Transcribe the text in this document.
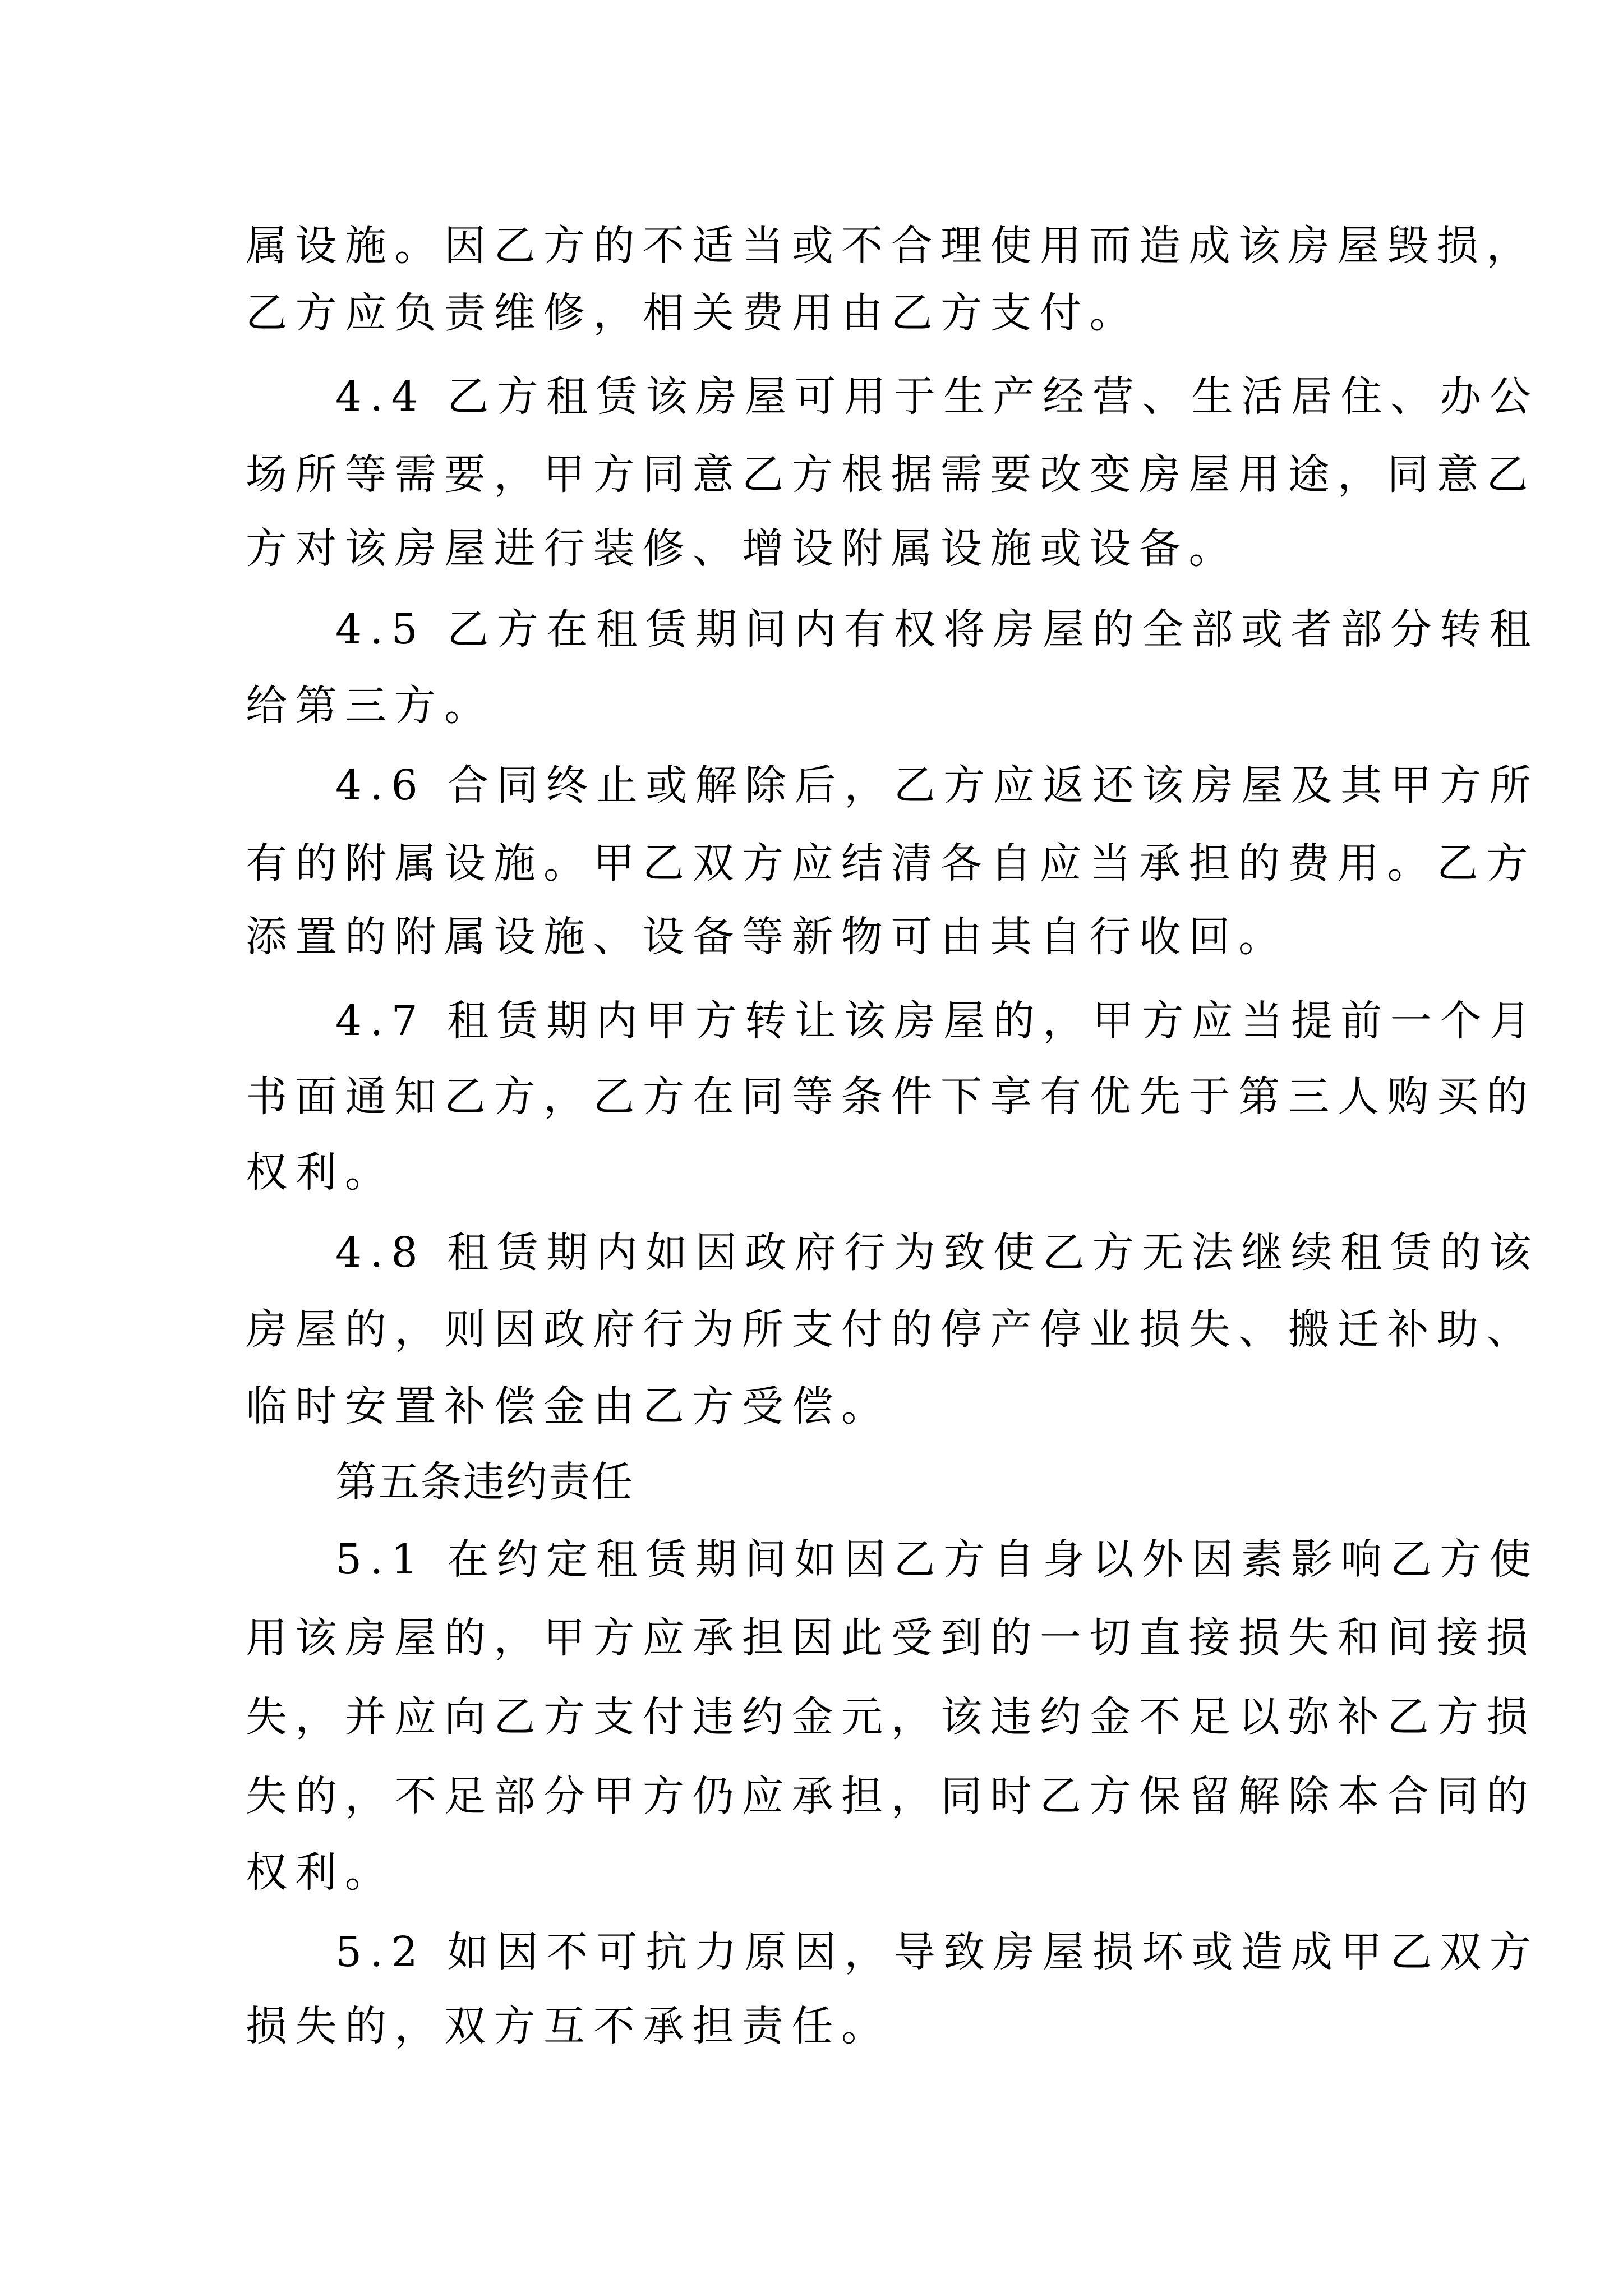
属设施。因乙方的不适当或不合理使用而造成该房屋毁损，
乙方应负责维修，相关费用由乙方支付。
4.4 乙方租赁该房屋可用于生产经营、生活居住、办公
场所等需要，甲方同意乙方根据需要改变房屋用途，同意乙
方对该房屋进行装修、增设附属设施或设备。
4.5 乙方在租赁期间内有权将房屋的全部或者部分转租
给第三方。
4.6 合同终止或解除后，乙方应返还该房屋及其甲方所
有的附属设施。甲乙双方应结清各自应当承担的费用。乙方
添置的附属设施、设备等新物可由其自行收回。
4.7 租赁期内甲方转让该房屋的，甲方应当提前一个月
书面通知乙方，乙方在同等条件下享有优先于第三人购买的
权利。
4.8 租赁期内如因政府行为致使乙方无法继续租赁的该
房屋的，则因政府行为所支付的停产停业损失、搬迁补助、
临时安置补偿金由乙方受偿。
第五条违约责任
5.1 在约定租赁期间如因乙方自身以外因素影响乙方使
用该房屋的，甲方应承担因此受到的一切直接损失和间接损
失，并应向乙方支付违约金元，该违约金不足以弥补乙方损
失的，不足部分甲方仍应承担，同时乙方保留解除本合同的
权利。
5.2 如因不可抗力原因，导致房屋损坏或造成甲乙双方
损失的，双方互不承担责任。
